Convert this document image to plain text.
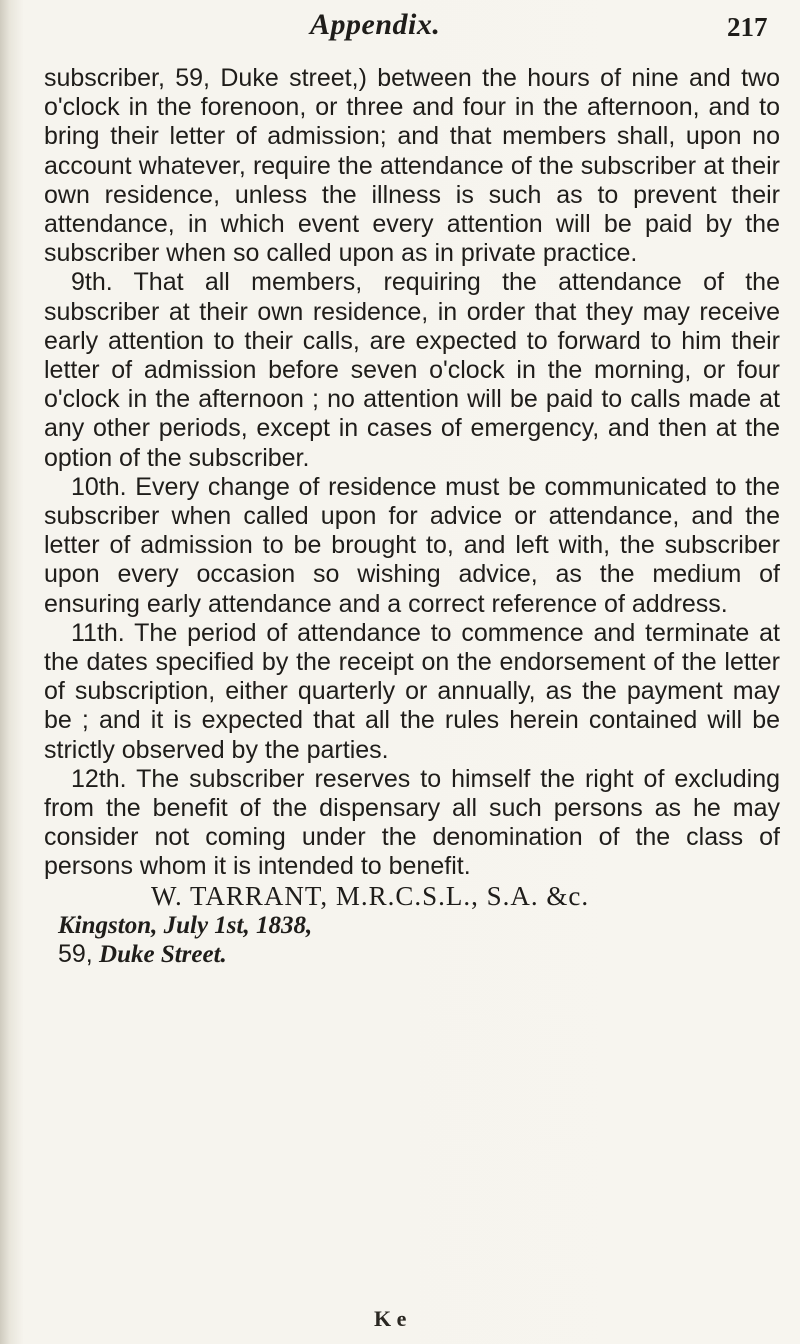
Appendix.	217

subscriber, 59, Duke street,) between the hours of nine and two o'clock in the forenoon, or three and four in the afternoon, and to bring their letter of admission; and that members shall, upon no account whatever, require the attendance of the subscriber at their own residence, unless the illness is such as to prevent their attendance, in which event every attention will be paid by the subscriber when so called upon as in private practice.

9th. That all members, requiring the attendance of the subscriber at their own residence, in order that they may receive early attention to their calls, are expected to forward to him their letter of admission before seven o'clock in the morning, or four o'clock in the afternoon ; no attention will be paid to calls made at any other periods, except in cases of emergency, and then at the option of the subscriber.

10th. Every change of residence must be communicated to the subscriber when called upon for advice or attendance, and the letter of admission to be brought to, and left with, the subscriber upon every occasion so wishing advice, as the medium of ensuring early attendance and a correct reference of address.

11th. The period of attendance to commence and terminate at the dates specified by the receipt on the endorsement of the letter of subscription, either quarterly or annually, as the payment may be ; and it is expected that all the rules herein contained will be strictly observed by the parties.

12th. The subscriber reserves to himself the right of excluding from the benefit of the dispensary all such persons as he may consider not coming under the denomination of the class of persons whom it is intended to benefit.

W. TARRANT, M.R.C.S.L., S.A. &c.

Kingston, July 1st, 1838,

59, Duke Street.

K e
